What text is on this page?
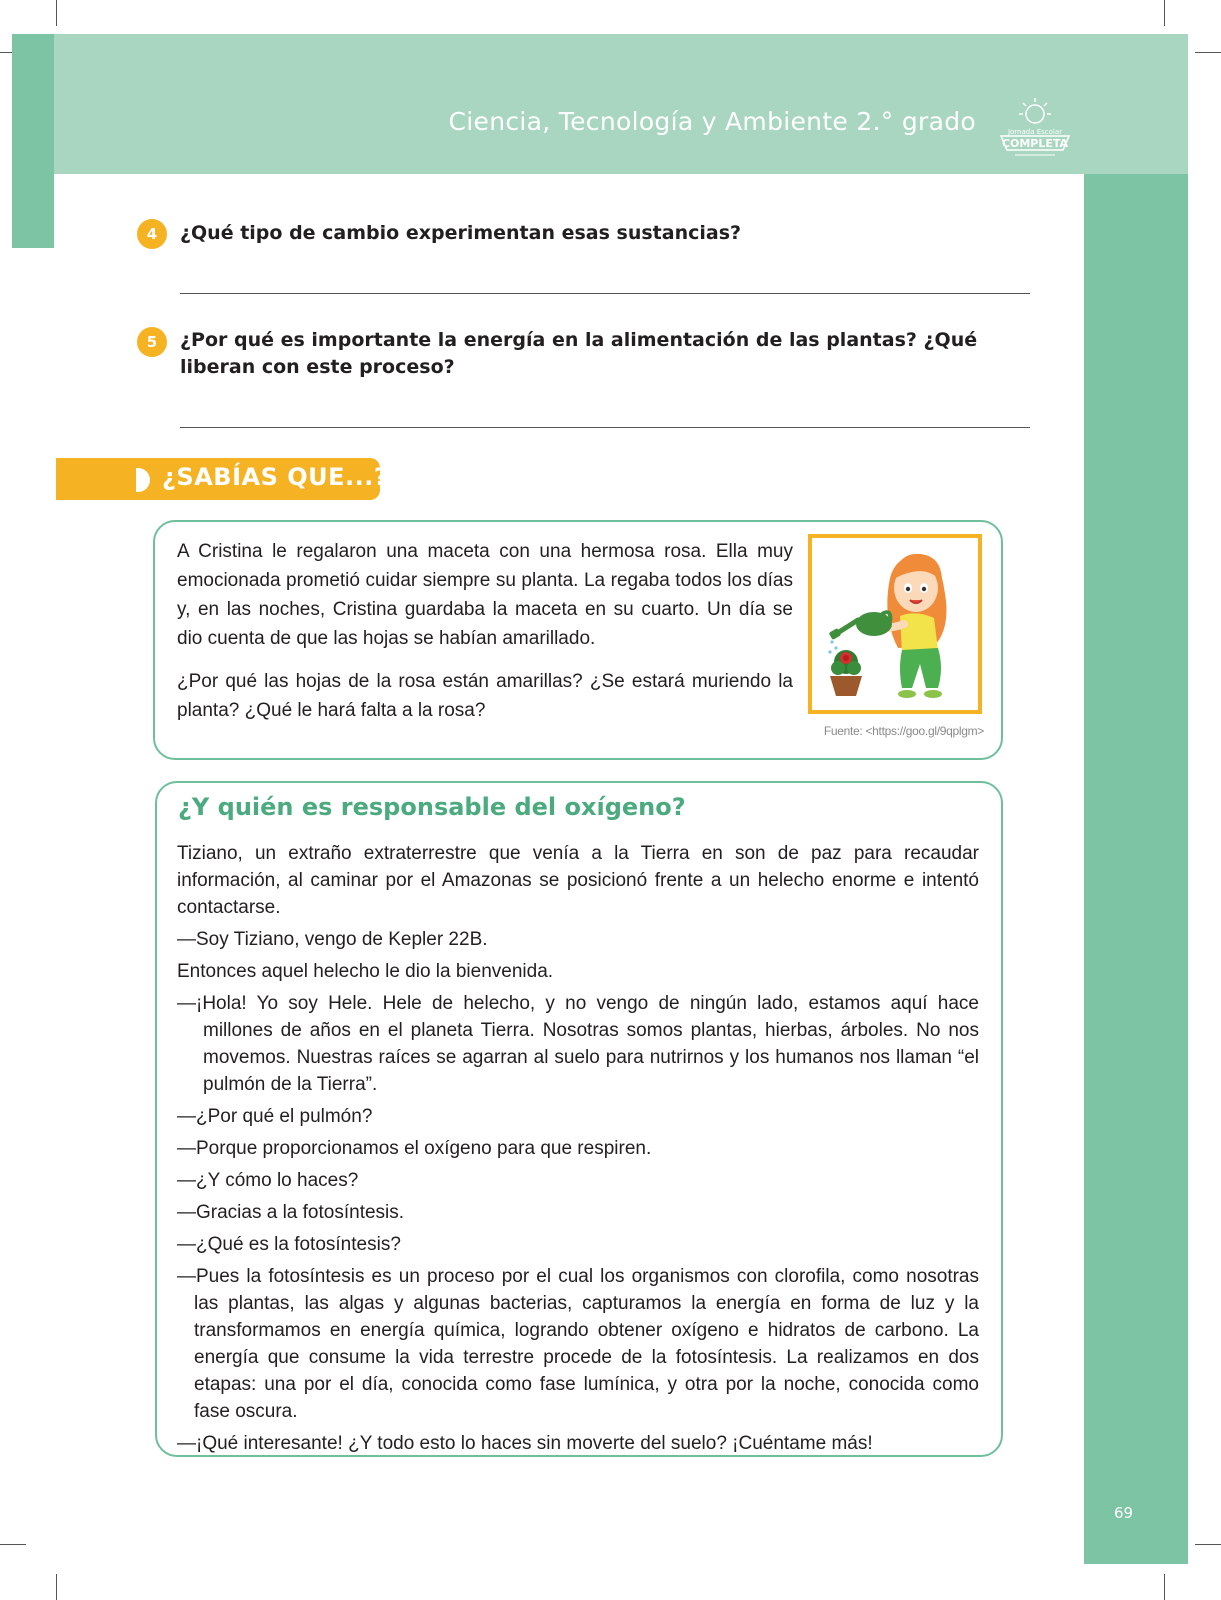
Ciencia, Tecnología y Ambiente 2.° grado	Jornada Escolar
COMPLETA
4	¿Qué tipo de cambio experimentan esas sustancias?
5	¿Por qué es importante la energía en la alimentación de las plantas? ¿Qué liberan con este proceso?
¿SABÍAS QUE...?

A Cristina le regalaron una maceta con una hermosa rosa. Ella muy emocionada prometió cuidar siempre su planta. La regaba todos los días y, en las noches, Cristina guardaba la maceta en su cuarto. Un día se dio cuenta de que las hojas se habían amarillado.

¿Por qué las hojas de la rosa están amarillas? ¿Se estará muriendo la planta? ¿Qué le hará falta a la rosa?

Fuente: <https://goo.gl/9qplgm>
¿Y quién es responsable del oxígeno?

Tiziano, un extraño extraterrestre que venía a la Tierra en son de paz para recaudar información, al caminar por el Amazonas se posicionó frente a un helecho enorme e intentó contactarse.

—Soy Tiziano, vengo de Kepler 22B.

Entonces aquel helecho le dio la bienvenida.

—¡Hola! Yo soy Hele. Hele de helecho, y no vengo de ningún lado, estamos aquí hace millones de años en el planeta Tierra. Nosotras somos plantas, hierbas, árboles. No nos movemos. Nuestras raíces se agarran al suelo para nutrirnos y los humanos nos llaman “el pulmón de la Tierra”.

—¿Por qué el pulmón?

—Porque proporcionamos el oxígeno para que respiren.

—¿Y cómo lo haces?

—Gracias a la fotosíntesis.

—¿Qué es la fotosíntesis?

—Pues la fotosíntesis es un proceso por el cual los organismos con clorofila, como nosotras las plantas, las algas y algunas bacterias, capturamos la energía en forma de luz y la transformamos en energía química, logrando obtener oxígeno e hidratos de carbono. La energía que consume la vida terrestre procede de la fotosíntesis. La realizamos en dos etapas: una por el día, conocida como fase lumínica, y otra por la noche, conocida como fase oscura.

—¡Qué interesante! ¿Y todo esto lo haces sin moverte del suelo? ¡Cuéntame más!

69
